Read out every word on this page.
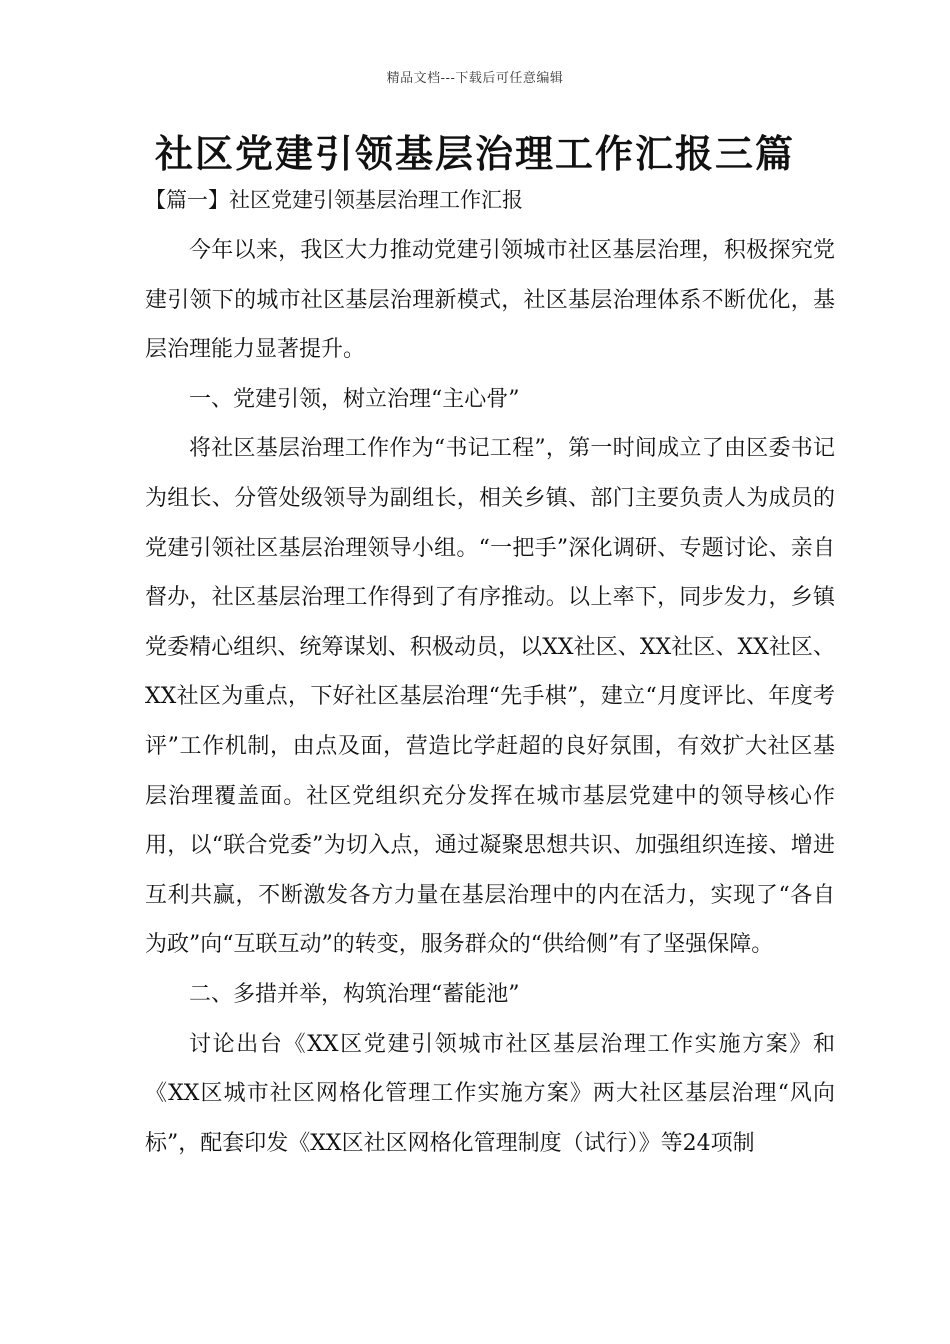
精品文档---下载后可任意编辑
社区党建引领基层治理工作汇报三篇
【篇一】社区党建引领基层治理工作汇报

今年以来，我区大力推动党建引领城市社区基层治理，积极探究党建引领下的城市社区基层治理新模式，社区基层治理体系不断优化，基层治理能力显著提升。

一、党建引领，树立治理“主心骨”

将社区基层治理工作作为“书记工程”，第一时间成立了由区委书记为组长、分管处级领导为副组长，相关乡镇、部门主要负责人为成员的党建引领社区基层治理领导小组。“一把手”深化调研、专题讨论、亲自督办，社区基层治理工作得到了有序推动。以上率下，同步发力，乡镇党委精心组织、统筹谋划、积极动员，以XX社区、XX社区、XX社区、XX社区为重点，下好社区基层治理“先手棋”，建立“月度评比、年度考评”工作机制，由点及面，营造比学赶超的良好氛围，有效扩大社区基层治理覆盖面。社区党组织充分发挥在城市基层党建中的领导核心作用，以“联合党委”为切入点，通过凝聚思想共识、加强组织连接、增进互利共赢，不断激发各方力量在基层治理中的内在活力，实现了“各自为政”向“互联互动”的转变，服务群众的“供给侧”有了坚强保障。

二、多措并举，构筑治理“蓄能池”

讨论出台《XX区党建引领城市社区基层治理工作实施方案》和《XX区城市社区网格化管理工作实施方案》两大社区基层治理“风向标”，配套印发《XX区社区网格化管理制度（试行）》等24项制
